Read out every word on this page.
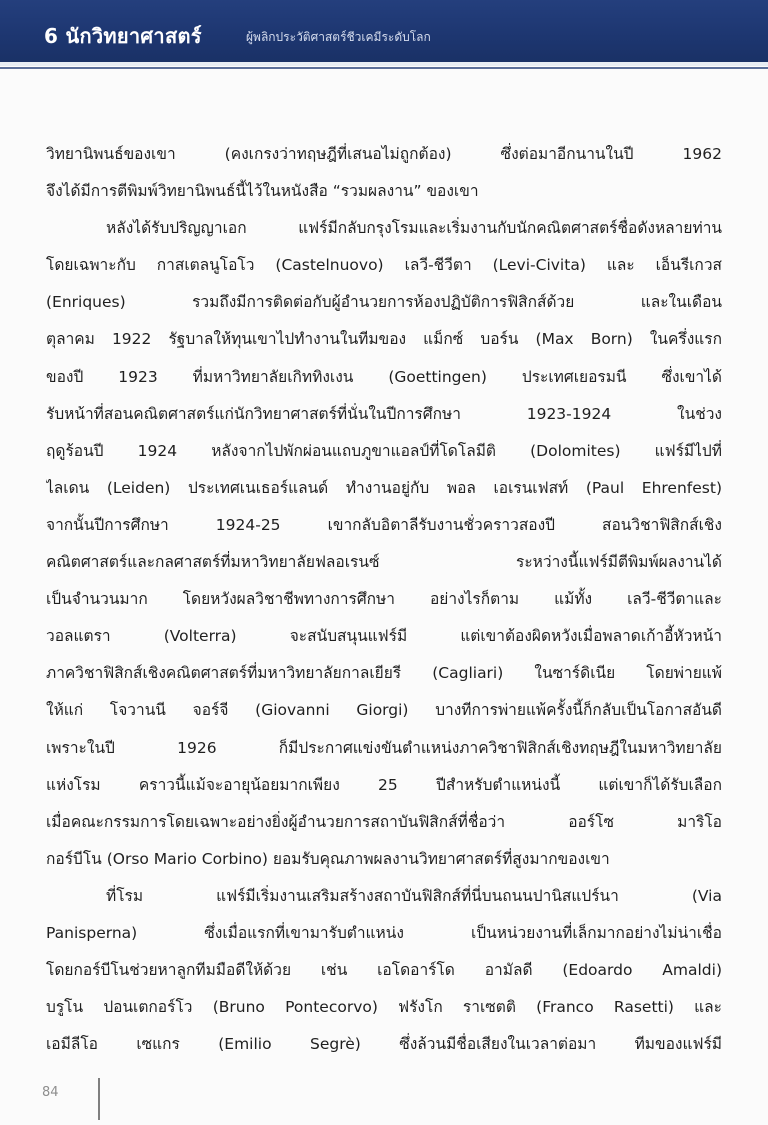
6 นักวิทยาศาสตร์	ผู้พลิกประวัติศาสตร์ชีวเคมีระดับโลก
วิทยานิพนธ์ของเขา (คงเกรงว่าทฤษฎีที่เสนอไม่ถูกต้อง) ซึ่งต่อมาอีกนานในปี 1962
จึงได้มีการตีพิมพ์วิทยานิพนธ์นี้ไว้ในหนังสือ “รวมผลงาน” ของเขา
หลังได้รับปริญญาเอก แฟร์มีกลับกรุงโรมและเริ่มงานกับนักคณิตศาสตร์ชื่อดังหลายท่าน
โดยเฉพาะกับ กาสเตลนูโอโว (Castelnuovo) เลวี-ชีวีตา (Levi-Civita) และ เอ็นรีเกวส
(Enriques) รวมถึงมีการติดต่อกับผู้อำนวยการห้องปฏิบัติการฟิสิกส์ด้วย และในเดือน
ตุลาคม 1922 รัฐบาลให้ทุนเขาไปทำงานในทีมของ แม็กซ์ บอร์น (Max Born) ในครึ่งแรก
ของปี 1923 ที่มหาวิทยาลัยเกิททิงเงน (Goettingen) ประเทศเยอรมนี ซึ่งเขาได้
รับหน้าที่สอนคณิตศาสตร์แก่นักวิทยาศาสตร์ที่นั่นในปีการศึกษา 1923-1924 ในช่วง
ฤดูร้อนปี 1924 หลังจากไปพักผ่อนแถบภูขาแอลป์ที่โดโลมีติ (Dolomites) แฟร์มีไปที่
ไลเดน (Leiden) ประเทศเนเธอร์แลนด์ ทำงานอยู่กับ พอล เอเรนเฟสท์ (Paul Ehrenfest)
จากนั้นปีการศึกษา 1924-25 เขากลับอิตาลีรับงานชั่วคราวสองปี สอนวิชาฟิสิกส์เชิง
คณิตศาสตร์และกลศาสตร์ที่มหาวิทยาลัยฟลอเรนซ์ ระหว่างนี้แฟร์มีตีพิมพ์ผลงานได้
เป็นจำนวนมาก โดยหวังผลวิชาชีพทางการศึกษา อย่างไรก็ตาม แม้ทั้ง เลวี-ชีวีตาและ
วอลแตรา (Volterra) จะสนับสนุนแฟร์มี แต่เขาต้องผิดหวังเมื่อพลาดเก้าอี้หัวหน้า
ภาควิชาฟิสิกส์เชิงคณิตศาสตร์ที่มหาวิทยาลัยกาลเยียรี (Cagliari) ในซาร์ดิเนีย โดยพ่ายแพ้
ให้แก่ โจวานนี จอร์จี (Giovanni Giorgi) บางทีการพ่ายแพ้ครั้งนี้ก็กลับเป็นโอกาสอันดี
เพราะในปี 1926 ก็มีประกาศแข่งขันตำแหน่งภาควิชาฟิสิกส์เชิงทฤษฎีในมหาวิทยาลัย
แห่งโรม คราวนี้แม้จะอายุน้อยมากเพียง 25 ปีสำหรับตำแหน่งนี้ แต่เขาก็ได้รับเลือก
เมื่อคณะกรรมการโดยเฉพาะอย่างยิ่งผู้อำนวยการสถาบันฟิสิกส์ที่ชื่อว่า ออร์โซ มาริโอ
กอร์บีโน (Orso Mario Corbino) ยอมรับคุณภาพผลงานวิทยาศาสตร์ที่สูงมากของเขา
ที่โรม แฟร์มีเริ่มงานเสริมสร้างสถาบันฟิสิกส์ที่นี่บนถนนปานิสแปร์นา (Via
Panisperna) ซึ่งเมื่อแรกที่เขามารับตำแหน่ง เป็นหน่วยงานที่เล็กมากอย่างไม่น่าเชื่อ
โดยกอร์บีโนช่วยหาลูกทีมมือดีให้ด้วย เช่น เอโดอาร์โด อามัลดี (Edoardo Amaldi)
บรูโน ปอนเตกอร์โว (Bruno Pontecorvo) ฟรังโก ราเซตติ (Franco Rasetti) และ
เอมีลีโอ เซแกร (Emilio Segrè) ซึ่งล้วนมีชื่อเสียงในเวลาต่อมา ทีมของแฟร์มี
84
